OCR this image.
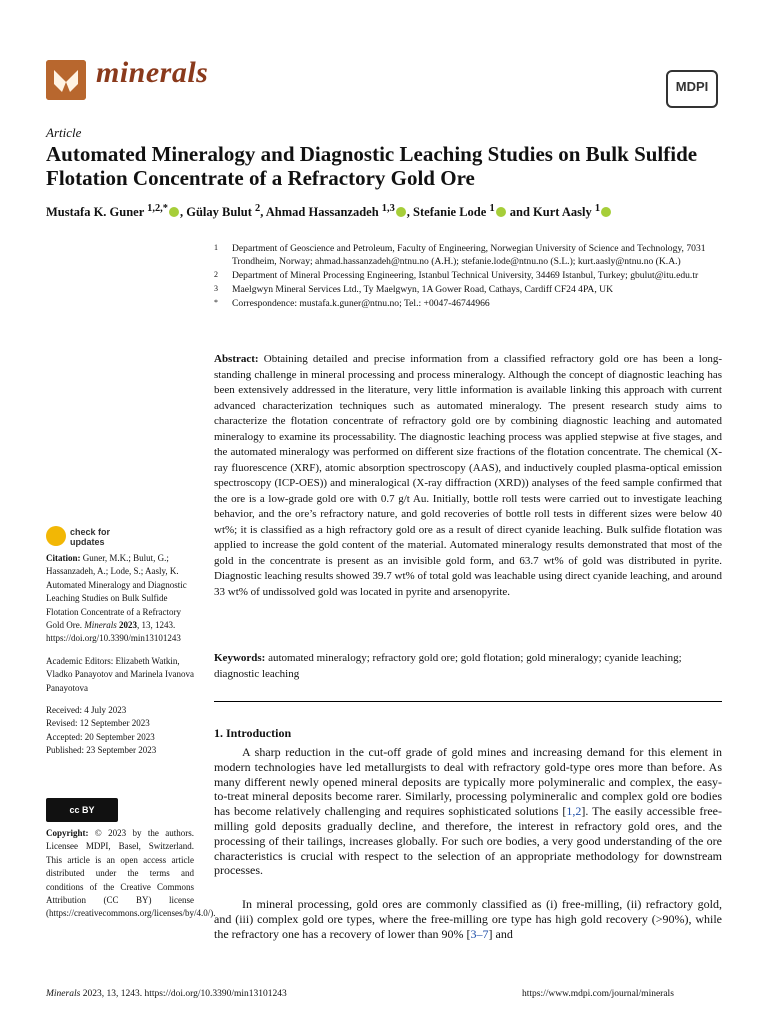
minerals	MDPI
Article
Automated Mineralogy and Diagnostic Leaching Studies on Bulk Sulfide Flotation Concentrate of a Refractory Gold Ore
Mustafa K. Guner $^{1,2,*}$ , Gülay Bulut $^2$, Ahmad Hassanzadeh $^{1,3}$ , Stefanie Lode $^1$ and Kurt Aasly $^1$
1 Department of Geoscience and Petroleum, Faculty of Engineering, Norwegian University of Science and Technology, 7031 Trondheim, Norway; ahmad.hassanzadeh@ntnu.no (A.H.); stefanie.lode@ntnu.no (S.L.); kurt.aasly@ntnu.no (K.A.)
2 Department of Mineral Processing Engineering, Istanbul Technical University, 34469 Istanbul, Turkey; gbulut@itu.edu.tr
3 Maelgwyn Mineral Services Ltd., Ty Maelgwyn, 1A Gower Road, Cathays, Cardiff CF24 4PA, UK
* Correspondence: mustafa.k.guner@ntnu.no; Tel.: +0047-46744966
Abstract: Obtaining detailed and precise information from a classified refractory gold ore has been a long-standing challenge in mineral processing and process mineralogy. Although the concept of diagnostic leaching has been extensively addressed in the literature, very little information is available linking this approach with current advanced characterization techniques such as automated mineralogy. The present research study aims to characterize the flotation concentrate of refractory gold ore by combining diagnostic leaching and automated mineralogy to examine its processability. The diagnostic leaching process was applied stepwise at five stages, and the automated mineralogy was performed on different size fractions of the flotation concentrate. The chemical (X-ray fluorescence (XRF), atomic absorption spectroscopy (AAS), and inductively coupled plasma-optical emission spectroscopy (ICP-OES)) and mineralogical (X-ray diffraction (XRD)) analyses of the feed sample confirmed that the ore is a low-grade gold ore with 0.7 g/t Au. Initially, bottle roll tests were carried out to investigate leaching behavior, and the ore’s refractory nature, and gold recoveries of bottle roll tests in different sizes were below 40 wt%; it is classified as a high refractory gold ore as a result of direct cyanide leaching. Bulk sulfide flotation was applied to increase the gold content of the material. Automated mineralogy results demonstrated that most of the gold in the concentrate is present as an invisible gold form, and 63.7 wt% of gold was distributed in pyrite. Diagnostic leaching results showed 39.7 wt% of total gold was leachable using direct cyanide leaching, and around 33 wt% of undissolved gold was located in pyrite and arsenopyrite.
Keywords: automated mineralogy; refractory gold ore; gold flotation; gold mineralogy; cyanide leaching; diagnostic leaching
1. Introduction
A sharp reduction in the cut-off grade of gold mines and increasing demand for this element in modern technologies have led metallurgists to deal with refractory gold-type ores more than before. As many different newly opened mineral deposits are typically more polymineralic and complex, the easy-to-treat mineral deposits become rarer. Similarly, processing polymineralic and complex gold ore bodies has become relatively challenging and requires sophisticated solutions [1,2]. The easily accessible free-milling gold deposits gradually decline, and therefore, the interest in refractory gold ores, and the processing of their tailings, increases globally. For such ore bodies, a very good understanding of the ore characteristics is crucial with respect to the selection of an appropriate methodology for downstream processes.
In mineral processing, gold ores are commonly classified as (i) free-milling, (ii) refractory gold, and (iii) complex gold ore types, where the free-milling ore type has high gold recovery (>90%), while the refractory one has a recovery of lower than 90% [3–7] and
check for
updates

Citation: Guner, M.K.; Bulut, G.; Hassanzadeh, A.; Lode, S.; Aasly, K. Automated Mineralogy and Diagnostic Leaching Studies on Bulk Sulfide Flotation Concentrate of a Refractory Gold Ore. Minerals 2023, 13, 1243. https://doi.org/10.3390/min13101243

Academic Editors: Elizabeth Watkin, Vladko Panayotov and Marinela Ivanova Panayotova

Received: 4 July 2023
Revised: 12 September 2023
Accepted: 20 September 2023
Published: 23 September 2023

cc BY
Copyright: © 2023 by the authors. Licensee MDPI, Basel, Switzerland. This article is an open access article distributed under the terms and conditions of the Creative Commons Attribution (CC BY) license (https://creativecommons.org/licenses/by/4.0/).
Minerals 2023, 13, 1243. https://doi.org/10.3390/min13101243	https://www.mdpi.com/journal/minerals
